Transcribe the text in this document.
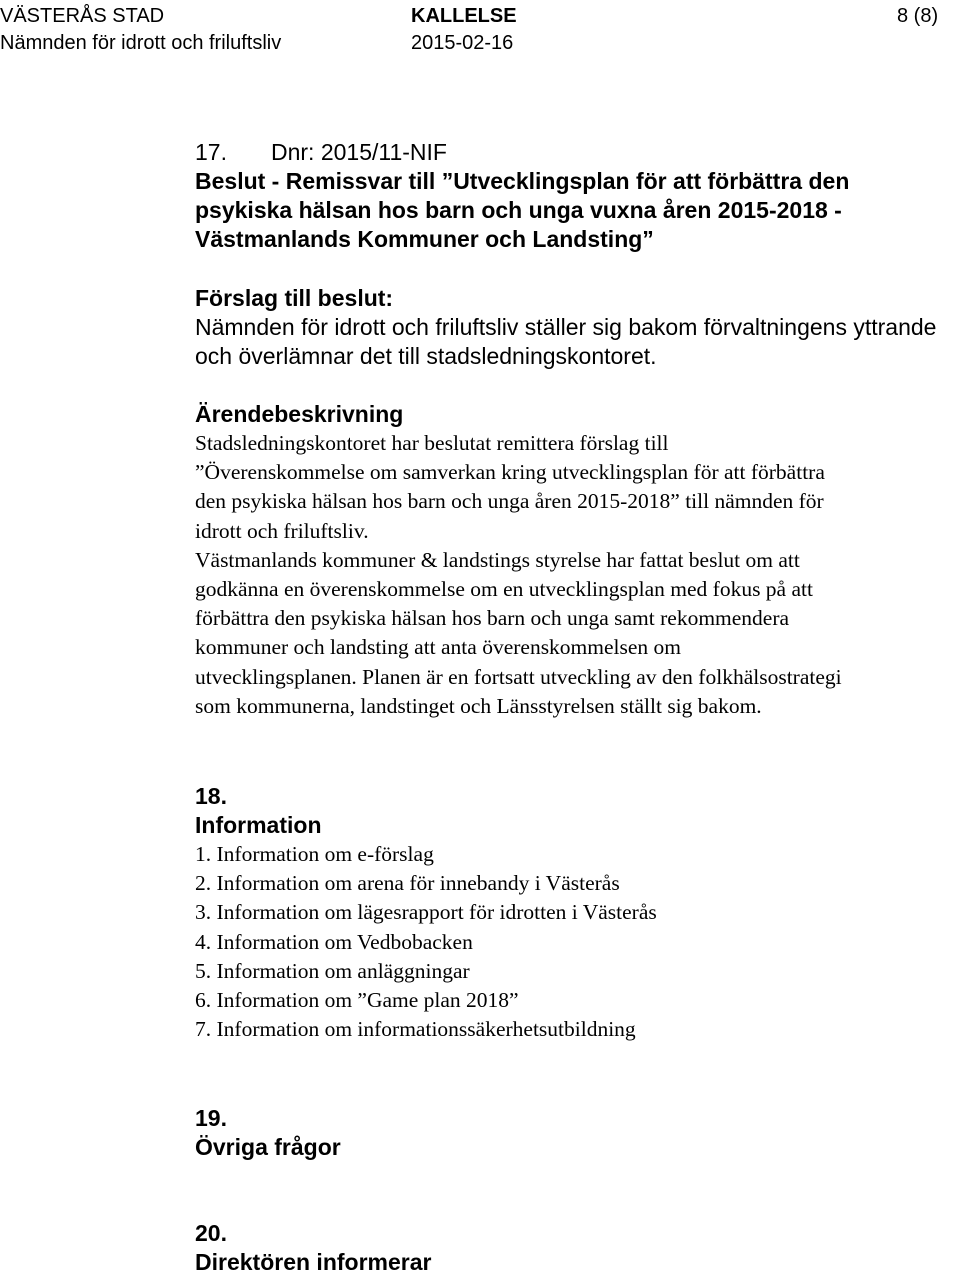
VÄSTERÅS STAD	KALLELSE	8 (8)
Nämnden för idrott och friluftsliv	2015-02-16
17. Dnr: 2015/11-NIF
Beslut - Remissvar till ”Utvecklingsplan för att förbättra den
psykiska hälsan hos barn och unga vuxna åren 2015-2018 -
Västmanlands Kommuner och Landsting”
Förslag till beslut:
Nämnden för idrott och friluftsliv ställer sig bakom förvaltningens yttrande
och överlämnar det till stadsledningskontoret.
Ärendebeskrivning
Stadsledningskontoret har beslutat remittera förslag till
”Överenskommelse om samverkan kring utvecklingsplan för att förbättra
den psykiska hälsan hos barn och unga åren 2015-2018” till nämnden för
idrott och friluftsliv.
Västmanlands kommuner & landstings styrelse har fattat beslut om att
godkänna en överenskommelse om en utvecklingsplan med fokus på att
förbättra den psykiska hälsan hos barn och unga samt rekommendera
kommuner och landsting att anta överenskommelsen om
utvecklingsplanen. Planen är en fortsatt utveckling av den folkhälsostrategi
som kommunerna, landstinget och Länsstyrelsen ställt sig bakom.
18.
Information
1. Information om e-förslag
2. Information om arena för innebandy i Västerås
3. Information om lägesrapport för idrotten i Västerås
4. Information om Vedbobacken
5. Information om anläggningar
6. Information om ”Game plan 2018”
7. Information om informationssäkerhetsutbildning
19.
Övriga frågor
20.
Direktören informerar
